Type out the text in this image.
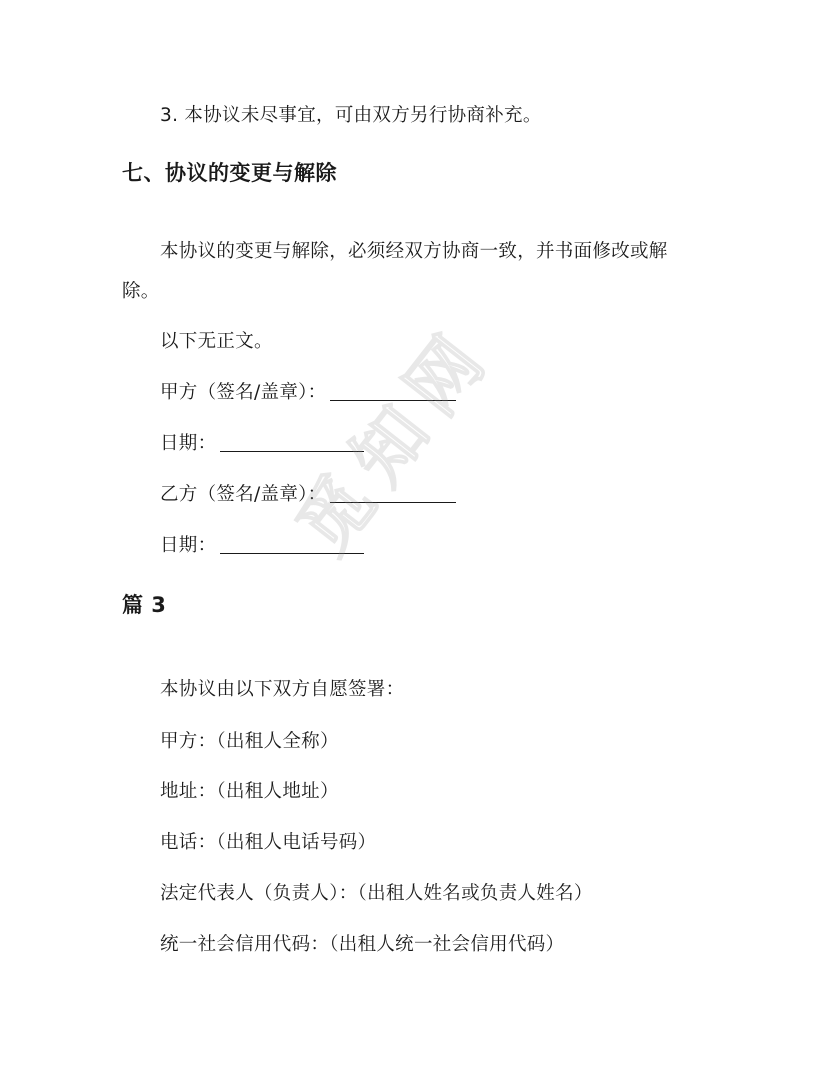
3. 本协议未尽事宜，可由双方另行协商补充。
七、协议的变更与解除
本协议的变更与解除，必须经双方协商一致，并书面修改或解
除。
以下无正文。
甲方（签名/盖章）：
日期：
乙方（签名/盖章）：
日期：
篇 3
本协议由以下双方自愿签署：
甲方：（出租人全称）
地址：（出租人地址）
电话：（出租人电话号码）
法定代表人（负责人）：（出租人姓名或负责人姓名）
统一社会信用代码：（出租人统一社会信用代码）
觅知网
